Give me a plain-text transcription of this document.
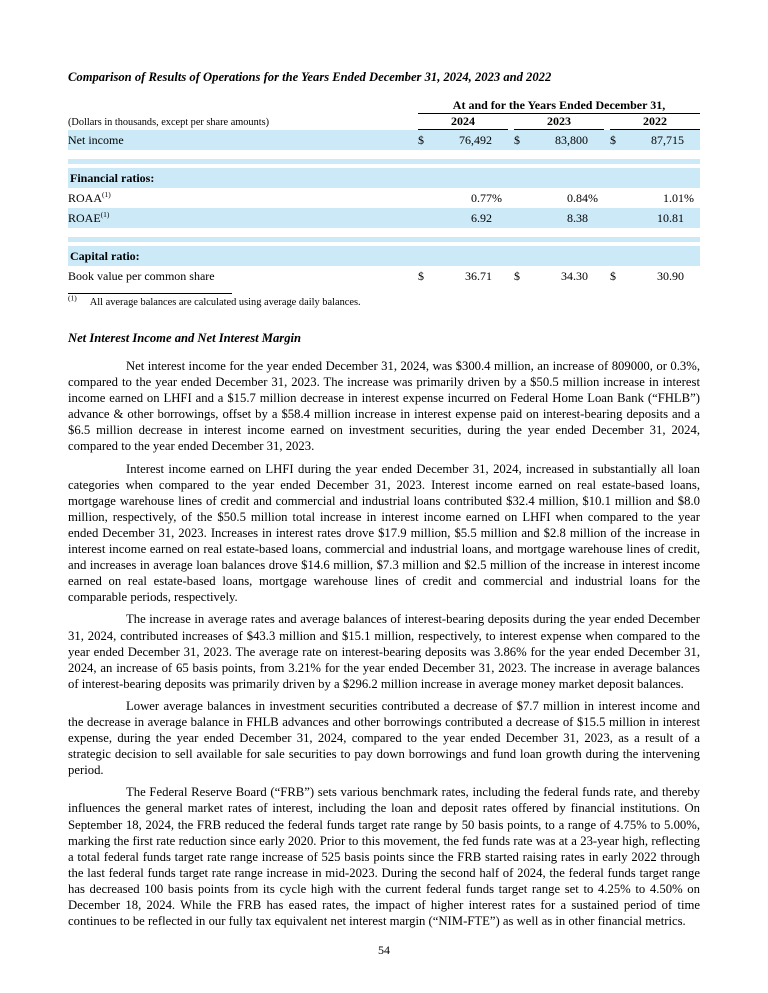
Comparison of Results of Operations for the Years Ended December 31, 2024, 2023 and 2022
	At and for the Years Ended December 31,										
(Dollars in thousands, except per share amounts)	2024				2023				2022		
Net income	$	76,492			$	83,800			$	87,715	

Financial ratios:											
ROAA$^{(1)}$		0.77	%			0.84	%			1.01	%
ROAE$^{(1)}$		6.92				8.38				10.81	

Capital ratio:											
Book value per common share	$	36.71			$	34.30			$	30.90	
$^{(1)}$ All average balances are calculated using average daily balances.
Net Interest Income and Net Interest Margin

Net interest income for the year ended December 31, 2024, was $300.4 million, an increase of 809000, or 0.3%, compared to the year ended December 31, 2023. The increase was primarily driven by a $50.5 million increase in interest income earned on LHFI and a $15.7 million decrease in interest expense incurred on Federal Home Loan Bank (“FHLB”) advance & other borrowings, offset by a $58.4 million increase in interest expense paid on interest-bearing deposits and a $6.5 million decrease in interest income earned on investment securities, during the year ended December 31, 2024, compared to the year ended December 31, 2023.

Interest income earned on LHFI during the year ended December 31, 2024, increased in substantially all loan categories when compared to the year ended December 31, 2023. Interest income earned on real estate-based loans, mortgage warehouse lines of credit and commercial and industrial loans contributed $32.4 million, $10.1 million and $8.0 million, respectively, of the $50.5 million total increase in interest income earned on LHFI when compared to the year ended December 31, 2023. Increases in interest rates drove $17.9 million, $5.5 million and $2.8 million of the increase in interest income earned on real estate-based loans, commercial and industrial loans, and mortgage warehouse lines of credit, and increases in average loan balances drove $14.6 million, $7.3 million and $2.5 million of the increase in interest income earned on real estate-based loans, mortgage warehouse lines of credit and commercial and industrial loans for the comparable periods, respectively.

The increase in average rates and average balances of interest-bearing deposits during the year ended December 31, 2024, contributed increases of $43.3 million and $15.1 million, respectively, to interest expense when compared to the year ended December 31, 2023. The average rate on interest-bearing deposits was 3.86% for the year ended December 31, 2024, an increase of 65 basis points, from 3.21% for the year ended December 31, 2023. The increase in average balances of interest-bearing deposits was primarily driven by a $296.2 million increase in average money market deposit balances.

Lower average balances in investment securities contributed a decrease of $7.7 million in interest income and the decrease in average balance in FHLB advances and other borrowings contributed a decrease of $15.5 million in interest expense, during the year ended December 31, 2024, compared to the year ended December 31, 2023, as a result of a strategic decision to sell available for sale securities to pay down borrowings and fund loan growth during the intervening period.

The Federal Reserve Board (“FRB”) sets various benchmark rates, including the federal funds rate, and thereby influences the general market rates of interest, including the loan and deposit rates offered by financial institutions. On September 18, 2024, the FRB reduced the federal funds target rate range by 50 basis points, to a range of 4.75% to 5.00%, marking the first rate reduction since early 2020. Prior to this movement, the fed funds rate was at a 23-year high, reflecting a total federal funds target rate range increase of 525 basis points since the FRB started raising rates in early 2022 through the last federal funds target rate range increase in mid-2023. During the second half of 2024, the federal funds target range has decreased 100 basis points from its cycle high with the current federal funds target range set to 4.25% to 4.50% on December 18, 2024. While the FRB has eased rates, the impact of higher interest rates for a sustained period of time continues to be reflected in our fully tax equivalent net interest margin (“NIM-FTE”) as well as in other financial metrics.

54
